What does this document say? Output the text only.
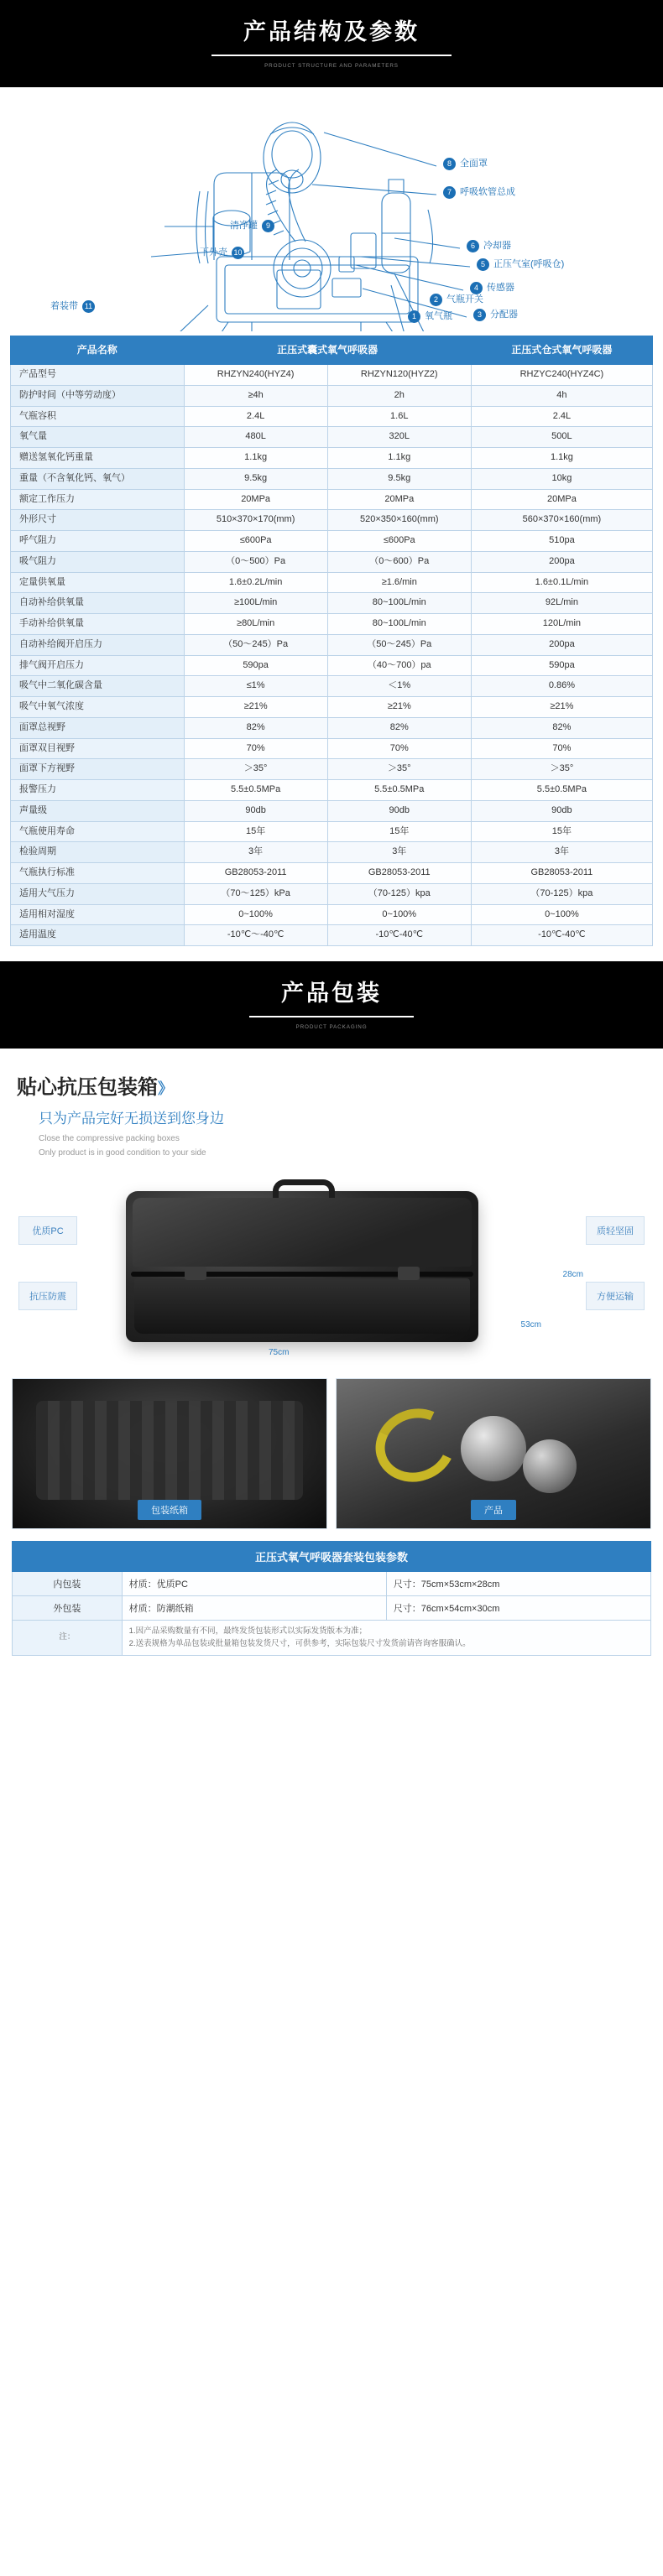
产品结构及参数
PRODUCT STRUCTURE AND PARAMETERS
8 全面罩
7 呼吸软管总成
6 冷却器
5 正压气室(呼吸仓)
4 传感器
3 分配器
清净罐 9
下外壳 10
2 气瓶开关
1 氧气瓶
着装带 11
产品名称	正压式囊式氧气呼吸器		正压式仓式氧气呼吸器
产品型号	RHZYN240(HYZ4)	RHZYN120(HYZ2)	RHZYC240(HYZ4C)
防护时间（中等劳动度）	≥4h	2h	4h
气瓶容积	2.4L	1.6L	2.4L
氧气量	480L	320L	500L
赠送氢氧化钙重量	1.1kg	1.1kg	1.1kg
重量（不含氧化钙、氧气）	9.5kg	9.5kg	10kg
额定工作压力	20MPa	20MPa	20MPa
外形尺寸	510×370×170(mm)	520×350×160(mm)	560×370×160(mm)
呼气阻力	≤600Pa	≤600Pa	510pa
吸气阻力	（0～500）Pa	（0～600）Pa	200pa
定量供氧量	1.6±0.2L/min	≥1.6/min	1.6±0.1L/min
自动补给供氧量	≥100L/min	80~100L/min	92L/min
手动补给供氧量	≥80L/min	80~100L/min	120L/min
自动补给阀开启压力	（50～245）Pa	（50～245）Pa	200pa
排气阀开启压力	590pa	（40～700）pa	590pa
吸气中二氧化碳含量	≤1%	＜1%	0.86%
吸气中氧气浓度	≥21%	≥21%	≥21%
面罩总视野	82%	82%	82%
面罩双目视野	70%	70%	70%
面罩下方视野	＞35°	＞35°	＞35°
报警压力	5.5±0.5MPa	5.5±0.5MPa	5.5±0.5MPa
声量级	90db	90db	90db
气瓶使用寿命	15年	15年	15年
检验周期	3年	3年	3年
气瓶执行标准	GB28053-2011	GB28053-2011	GB28053-2011
适用大气压力	（70～125）kPa	（70-125）kpa	（70-125）kpa
适用相对湿度	0~100%	0~100%	0~100%
适用温度	-10℃～-40℃	-10℃-40℃	-10℃-40℃
产品包装
PRODUCT PACKAGING
贴心抗压包装箱》
只为产品完好无损送到您身边

Close the compressive packing boxes

Only product is in good condition to your side

优质PC
抗压防震
质轻坚固
方便运输
75cm
28cm
53cm
包装纸箱	产品
正压式氧气呼吸器套装包装参数		
内包装	材质：优质PC	尺寸：75cm×53cm×28cm
外包装	材质：防潮纸箱	尺寸：76cm×54cm×30cm
注：	1.因产品采购数量有不同，最终发货包装形式以实际发货版本为准；
2.送表规格为单品包装或批量箱包装发货尺寸，可供参考，实际包装尺寸发货前请咨询客服确认。	
